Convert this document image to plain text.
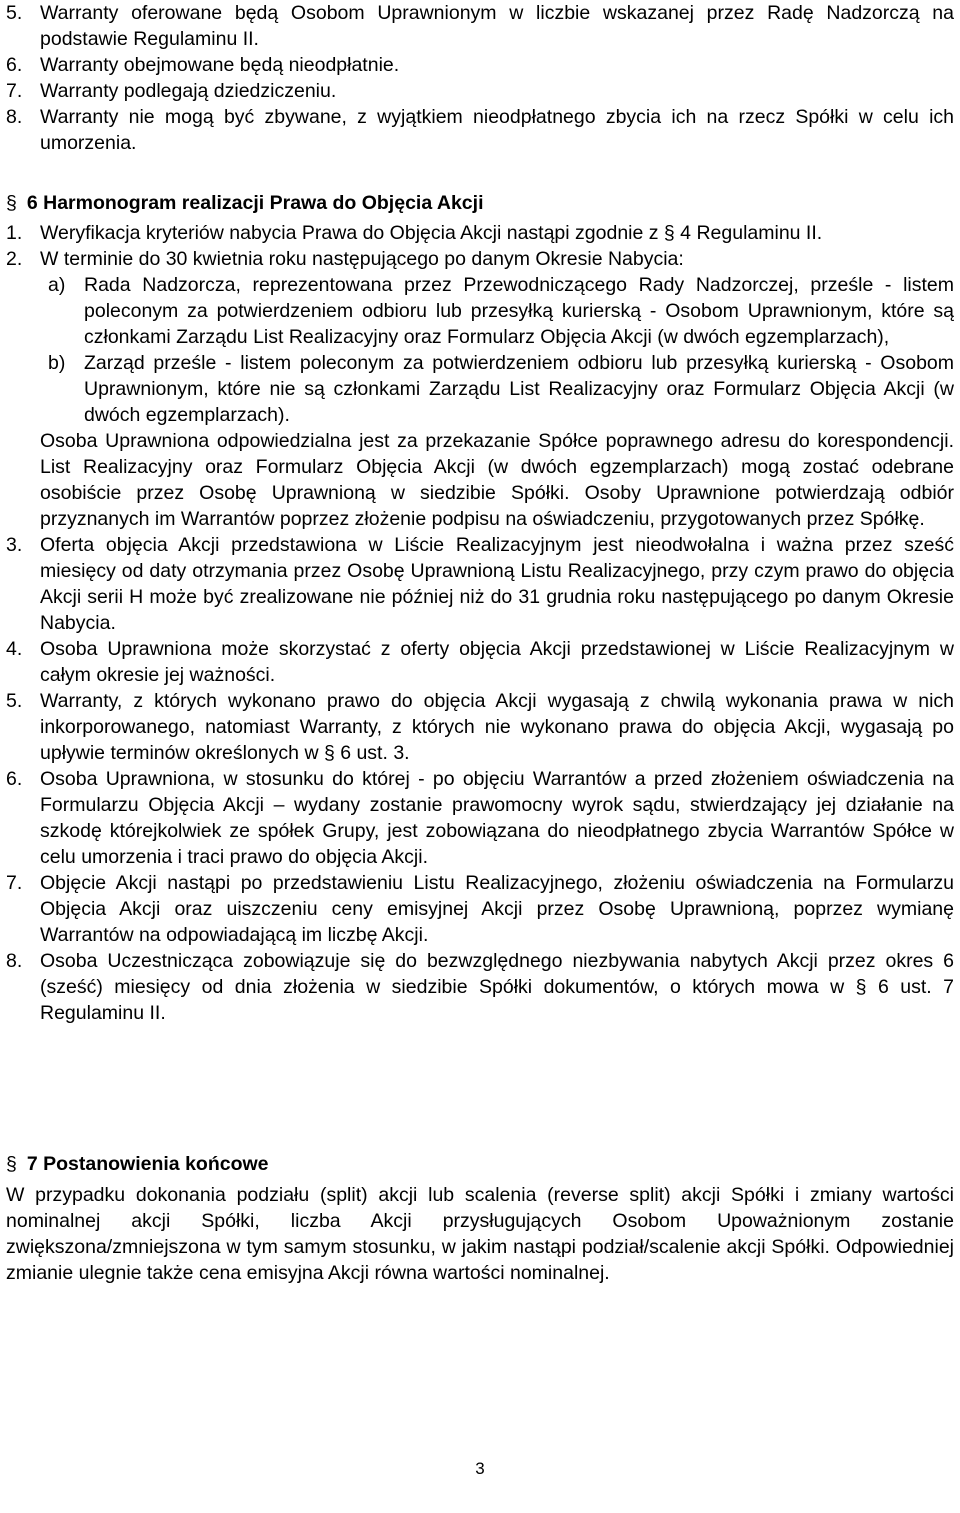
5. Warranty oferowane będą Osobom Uprawnionym w liczbie wskazanej przez Radę Nadzorczą na podstawie Regulaminu II.
6. Warranty obejmowane będą nieodpłatnie.
7. Warranty podlegają dziedziczeniu.
8. Warranty nie mogą być zbywane, z wyjątkiem nieodpłatnego zbycia ich na rzecz Spółki w celu ich umorzenia.
§ 6 Harmonogram realizacji Prawa do Objęcia Akcji
1. Weryfikacja kryteriów nabycia Prawa do Objęcia Akcji nastąpi zgodnie z § 4 Regulaminu II.
2. W terminie do 30 kwietnia roku następującego po danym Okresie Nabycia:
a) Rada Nadzorcza, reprezentowana przez Przewodniczącego Rady Nadzorczej, prześle - listem poleconym za potwierdzeniem odbioru lub przesyłką kurierską - Osobom Uprawnionym, które są członkami Zarządu List Realizacyjny oraz Formularz Objęcia Akcji (w dwóch egzemplarzach),
b) Zarząd prześle - listem poleconym za potwierdzeniem odbioru lub przesyłką kurierską - Osobom Uprawnionym, które nie są członkami Zarządu List Realizacyjny oraz Formularz Objęcia Akcji (w dwóch egzemplarzach).
Osoba Uprawniona odpowiedzialna jest za przekazanie Spółce poprawnego adresu do korespondencji. List Realizacyjny oraz Formularz Objęcia Akcji (w dwóch egzemplarzach) mogą zostać odebrane osobiście przez Osobę Uprawnioną w siedzibie Spółki. Osoby Uprawnione potwierdzają odbiór przyznanych im Warrantów poprzez złożenie podpisu na oświadczeniu, przygotowanych przez Spółkę.
3. Oferta objęcia Akcji przedstawiona w Liście Realizacyjnym jest nieodwołalna i ważna przez sześć miesięcy od daty otrzymania przez Osobę Uprawnioną Listu Realizacyjnego, przy czym prawo do objęcia Akcji serii H może być zrealizowane nie później niż do 31 grudnia roku następującego po danym Okresie Nabycia.
4. Osoba Uprawniona może skorzystać z oferty objęcia Akcji przedstawionej w Liście Realizacyjnym w całym okresie jej ważności.
5. Warranty, z których wykonano prawo do objęcia Akcji wygasają z chwilą wykonania prawa w nich inkorporowanego, natomiast Warranty, z których nie wykonano prawa do objęcia Akcji, wygasają po upływie terminów określonych w § 6 ust. 3.
6. Osoba Uprawniona, w stosunku do której - po objęciu Warrantów a przed złożeniem oświadczenia na Formularzu Objęcia Akcji – wydany zostanie prawomocny wyrok sądu, stwierdzający jej działanie na szkodę którejkolwiek ze spółek Grupy, jest zobowiązana do nieodpłatnego zbycia Warrantów Spółce w celu umorzenia i traci prawo do objęcia Akcji.
7. Objęcie Akcji nastąpi po przedstawieniu Listu Realizacyjnego, złożeniu oświadczenia na Formularzu Objęcia Akcji oraz uiszczeniu ceny emisyjnej Akcji przez Osobę Uprawnioną, poprzez wymianę Warrantów na odpowiadającą im liczbę Akcji.
8. Osoba Uczestnicząca zobowiązuje się do bezwzględnego niezbywania nabytych Akcji przez okres 6 (sześć) miesięcy od dnia złożenia w siedzibie Spółki dokumentów, o których mowa w § 6 ust. 7 Regulaminu II.
§ 7 Postanowienia końcowe
W przypadku dokonania podziału (split) akcji lub scalenia (reverse split) akcji Spółki i zmiany wartości nominalnej akcji Spółki, liczba Akcji przysługujących Osobom Upoważnionym zostanie zwiększona/zmniejszona w tym samym stosunku, w jakim nastąpi podział/scalenie akcji Spółki. Odpowiedniej zmianie ulegnie także cena emisyjna Akcji równa wartości nominalnej.
3
